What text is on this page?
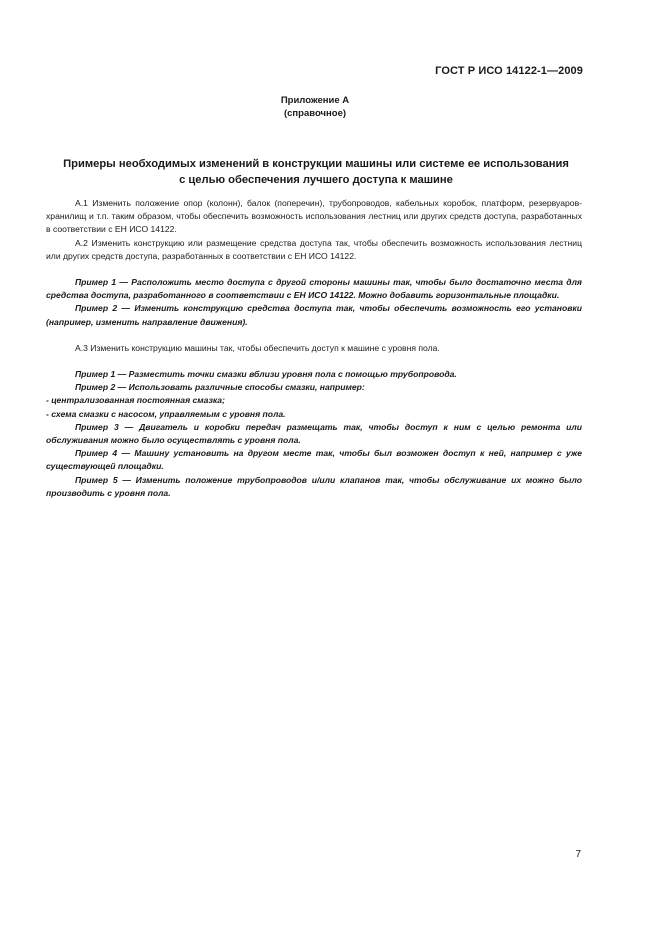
ГОСТ Р ИСО 14122-1—2009
Приложение А
(справочное)
Примеры необходимых изменений в конструкции машины или системе ее использования
с целью обеспечения лучшего доступа к машине

А.1 Изменить положение опор (колонн), балок (поперечин), трубопроводов, кабельных коробок, платформ, резервуаров-хранилищ и т.п. таким образом, чтобы обеспечить возможность использования лестниц или других средств доступа, разработанных в соответствии с ЕН ИСО 14122.

А.2 Изменить конструкцию или размещение средства доступа так, чтобы обеспечить возможность использования лестниц или других средств доступа, разработанных в соответствии с ЕН ИСО 14122.

Пример 1 — Расположить место доступа с другой стороны машины так, чтобы было достаточно места для средства доступа, разработанного в соответствии с ЕН ИСО 14122. Можно добавить горизонтальные площадки.

Пример 2 — Изменить конструкцию средства доступа так, чтобы обеспечить возможность его установки (например, изменить направление движения).

А.3 Изменить конструкцию машины так, чтобы обеспечить доступ к машине с уровня пола.

Пример 1 — Разместить точки смазки вблизи уровня пола с помощью трубопровода.

Пример 2 — Использовать различные способы смазки, например:

- централизованная постоянная смазка;

- схема смазки с насосом, управляемым с уровня пола.

Пример 3 — Двигатель и коробки передач размещать так, чтобы доступ к ним с целью ремонта или обслуживания можно было осуществлять с уровня пола.

Пример 4 — Машину установить на другом месте так, чтобы был возможен доступ к ней, например с уже существующей площадки.

Пример 5 — Изменить положение трубопроводов и/или клапанов так, чтобы обслуживание их можно было производить с уровня пола.

7
